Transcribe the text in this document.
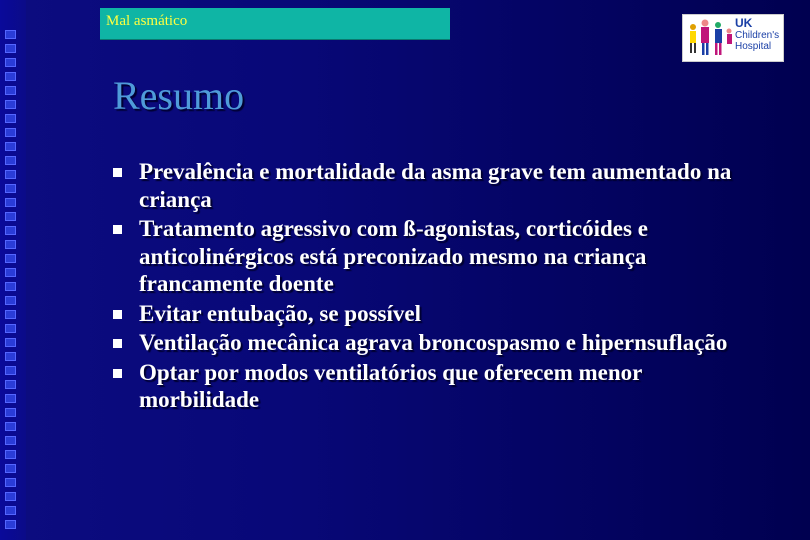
Mal asmático	UK
Children's
Hospital
Resumo
Prevalência e mortalidade da asma grave tem aumentado na criança
Tratamento agressivo com ß-agonistas, corticóides e anticolinérgicos está preconizado mesmo na criança francamente doente
Evitar entubação, se possível
Ventilação mecânica agrava broncospasmo e hipernsuflação
Optar por modos ventilatórios que oferecem menor morbilidade
